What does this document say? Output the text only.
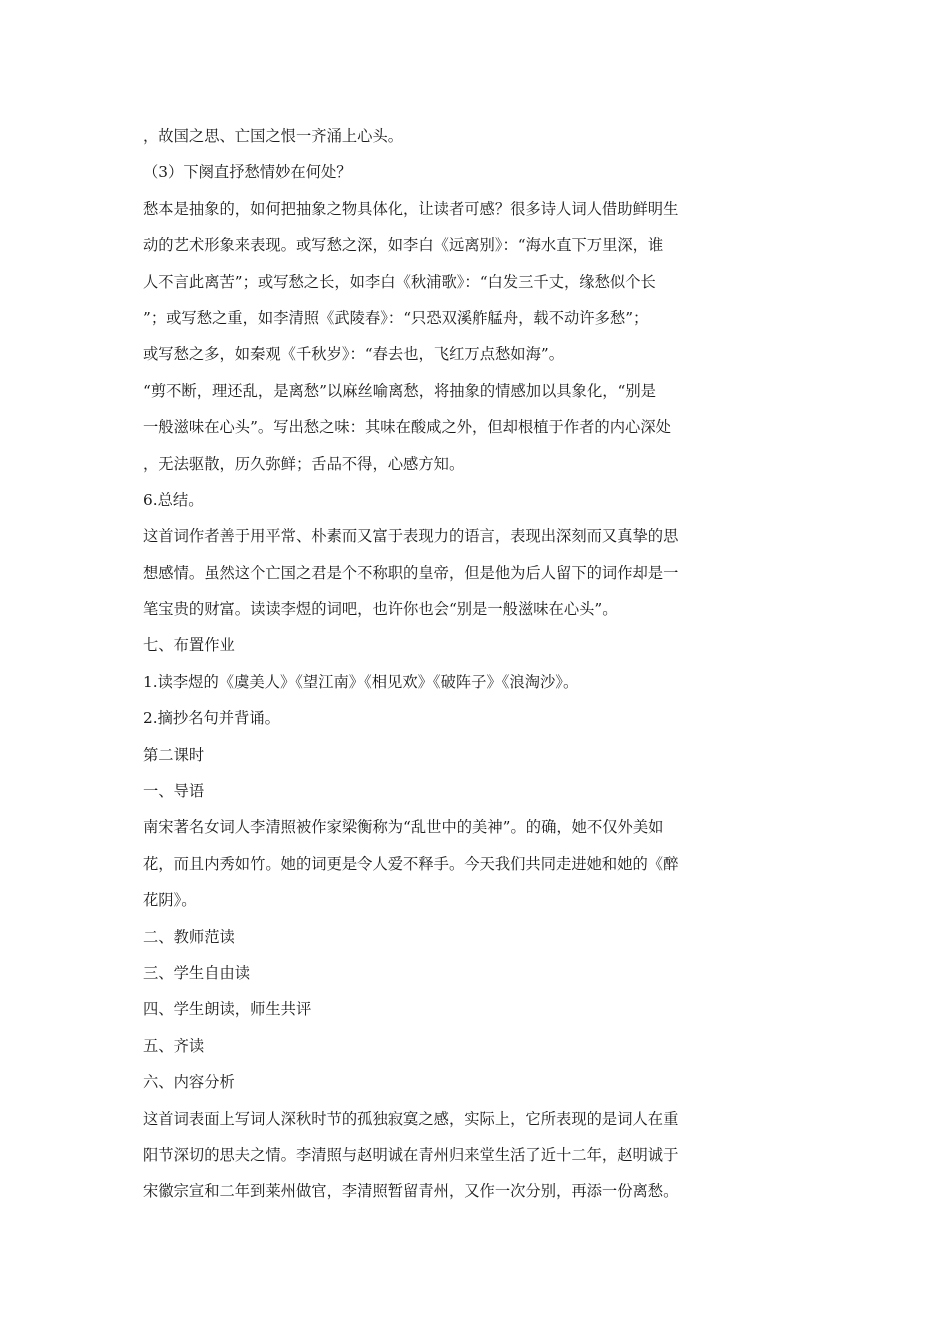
，故国之思、亡国之恨一齐涌上心头。
（3）下阕直抒愁情妙在何处？
愁本是抽象的，如何把抽象之物具体化，让读者可感？很多诗人词人借助鲜明生
动的艺术形象来表现。或写愁之深，如李白《远离别》：“海水直下万里深，谁
人不言此离苦”；或写愁之长，如李白《秋浦歌》：“白发三千丈，缘愁似个长
”；或写愁之重，如李清照《武陵春》：“只恐双溪舴艋舟，载不动许多愁”；
或写愁之多，如秦观《千秋岁》：“春去也，飞红万点愁如海”。
“剪不断，理还乱，是离愁”以麻丝喻离愁，将抽象的情感加以具象化，“别是
一般滋味在心头”。写出愁之味：其味在酸咸之外，但却根植于作者的内心深处
，无法驱散，历久弥鲜；舌品不得，心感方知。
6.总结。
这首词作者善于用平常、朴素而又富于表现力的语言，表现出深刻而又真挚的思
想感情。虽然这个亡国之君是个不称职的皇帝，但是他为后人留下的词作却是一
笔宝贵的财富。读读李煜的词吧，也许你也会“别是一般滋味在心头”。
七、布置作业
1.读李煜的《虞美人》《望江南》《相见欢》《破阵子》《浪淘沙》。
2.摘抄名句并背诵。
第二课时
一、导语
南宋著名女词人李清照被作家梁衡称为“乱世中的美神”。的确，她不仅外美如
花，而且内秀如竹。她的词更是令人爱不释手。今天我们共同走进她和她的《醉
花阴》。
二、教师范读
三、学生自由读
四、学生朗读，师生共评
五、齐读
六、内容分析
这首词表面上写词人深秋时节的孤独寂寞之感，实际上，它所表现的是词人在重
阳节深切的思夫之情。李清照与赵明诚在青州归来堂生活了近十二年，赵明诚于
宋徽宗宣和二年到莱州做官，李清照暂留青州，又作一次分别，再添一份离愁。
